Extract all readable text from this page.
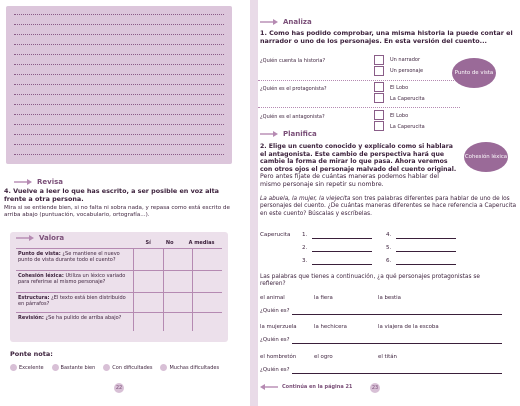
Revisa
4. Vuelve a leer lo que has escrito, a ser posible en voz alta frente a otra persona.
Mira si se entiende bien, si no falta ni sobra nada, y repasa como está escrito de arriba abajo (puntuación, vocabulario, ortografía...).
Valora
Sí	No	A medias
Punto de vista: ¿Se mantiene el nuevo punto de vista durante todo el cuento?			
Cohesión léxica: Utiliza un léxico variado para referirse al mismo personaje?			
Estructura: ¿El texto está bien distribuido en párrafos?			
Revisión: ¿Se ha pulido de arriba abajo?			
Ponte nota:
Excelente	Bastante bien	Con dificultades	Muchas dificultades
22
Analiza
1. Como has podido comprobar, una misma historia la puede contar el narrador o uno de los personajes. En esta versión del cuento...
¿Quién cuenta la historia?	Un narrador
Un personaje
¿Quién es el protagonista?	El Lobo
La Caperucita
¿Quién es el antagonista?	El Lobo
La Caperucita
Punto de vista
Planifica
2. Elige un cuento conocido y explícalo como si hablara el antagonista. Este cambio de perspectiva hará que cambie la forma de mirar lo que pasa. Ahora veremos con otros ojos el personaje malvado del cuento original. Pero antes fíjate de cuántas maneras podemos hablar del mismo personaje sin repetir su nombre.
Cohesión léxica
La abuela, la mujer, la viejecita son tres palabras diferentes para hablar de uno de los personajes del cuento. ¿De cuántas maneras diferentes se hace referencia a Caperucita en este cuento? Búscalas y escríbelas.
Caperucita 1.
2.
3.
4.
5.
6.
Las palabras que tienes a continuación, ¿a qué personajes protagonistas se refieren?
el animal	la fiera	la bestia
¿Quién es?
la mujerzuela	la hechicera	la viajera de la escoba
¿Quién es?
el hombretón	el ogro	el titán
¿Quién es?
Continúa en la página 21	23
